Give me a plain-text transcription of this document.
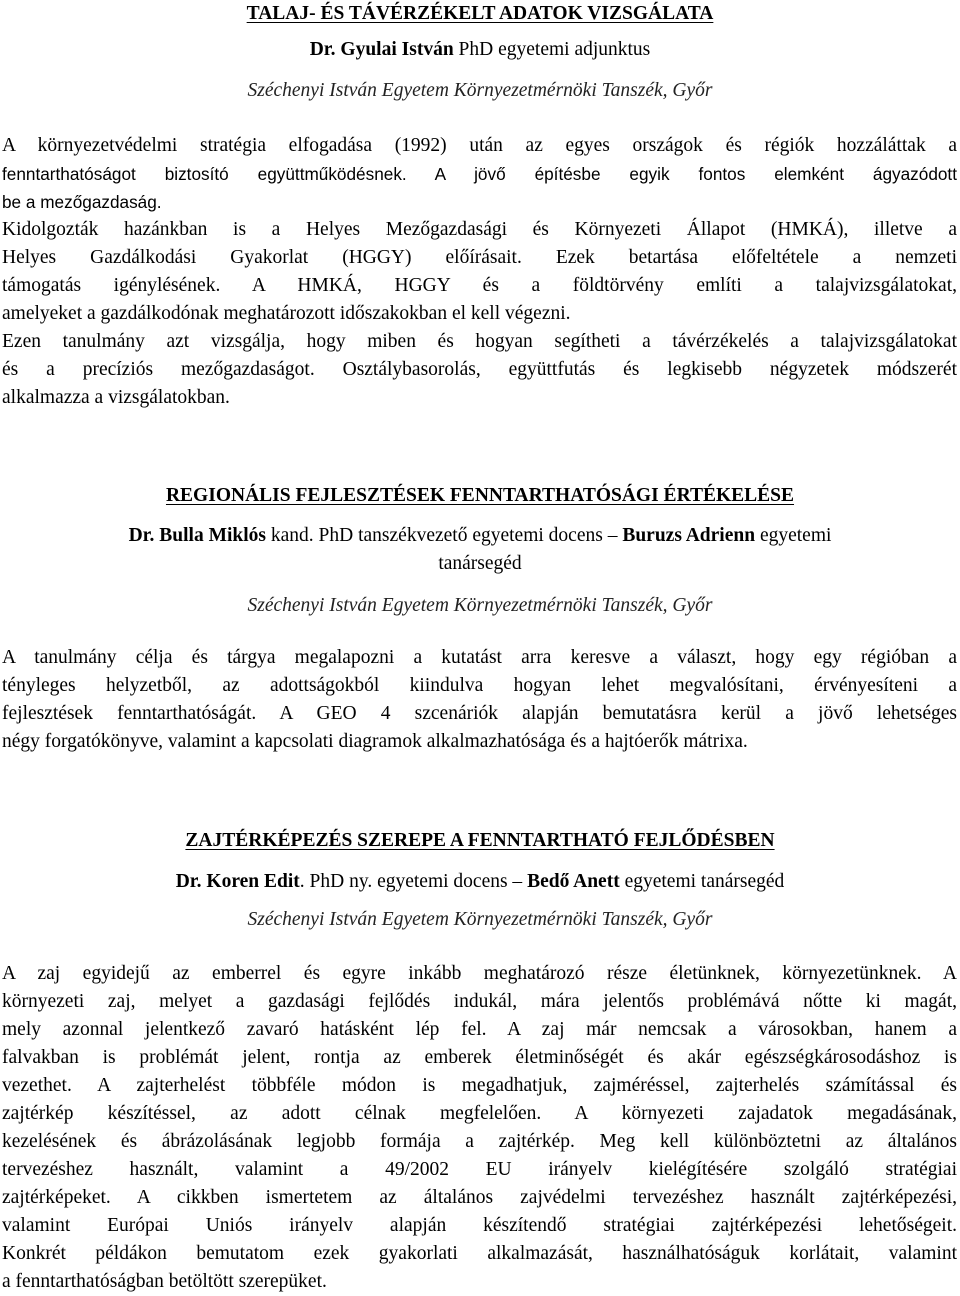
TALAJ- ÉS TÁVÉRZÉKELT ADATOK VIZSGÁLATA
Dr. Gyulai István PhD egyetemi adjunktus
Széchenyi István Egyetem Környezetmérnöki Tanszék, Győr
A környezetvédelmi stratégia elfogadása (1992) után az egyes országok és régiók hozzáláttak a
fenntarthatóságot biztosító együttműködésnek. A jövő építésbe egyik fontos elemként ágyazódott
be a mezőgazdaság.
Kidolgozták hazánkban is a Helyes Mezőgazdasági és Környezeti Állapot (HMKÁ), illetve a
Helyes Gazdálkodási Gyakorlat (HGGY) előírásait. Ezek betartása előfeltétele a nemzeti
támogatás igénylésének. A HMKÁ, HGGY és a földtörvény említi a talajvizsgálatokat,
amelyeket a gazdálkodónak meghatározott időszakokban el kell végezni.
Ezen tanulmány azt vizsgálja, hogy miben és hogyan segítheti a távérzékelés a talajvizsgálatokat
és a precíziós mezőgazdaságot. Osztálybasorolás, együttfutás és legkisebb négyzetek módszerét
alkalmazza a vizsgálatokban.
REGIONÁLIS FEJLESZTÉSEK FENNTARTHATÓSÁGI ÉRTÉKELÉSE
Dr. Bulla Miklós kand. PhD tanszékvezető egyetemi docens – Buruzs Adrienn egyetemi
tanársegéd
Széchenyi István Egyetem Környezetmérnöki Tanszék, Győr
A tanulmány célja és tárgya megalapozni a kutatást arra keresve a választ, hogy egy régióban a
tényleges helyzetből, az adottságokból kiindulva hogyan lehet megvalósítani, érvényesíteni a
fejlesztések fenntarthatóságát. A GEO 4 szcenáriók alapján bemutatásra kerül a jövő lehetséges
négy forgatókönyve, valamint a kapcsolati diagramok alkalmazhatósága és a hajtóerők mátrixa.
ZAJTÉRKÉPEZÉS SZEREPE A FENNTARTHATÓ FEJLŐDÉSBEN
Dr. Koren Edit. PhD ny. egyetemi docens – Bedő Anett egyetemi tanársegéd
Széchenyi István Egyetem Környezetmérnöki Tanszék, Győr
A zaj egyidejű az emberrel és egyre inkább meghatározó része életünknek, környezetünknek. A
környezeti zaj, melyet a gazdasági fejlődés indukál, mára jelentős problémává nőtte ki magát,
mely azonnal jelentkező zavaró hatásként lép fel. A zaj már nemcsak a városokban, hanem a
falvakban is problémát jelent, rontja az emberek életminőségét és akár egészségkárosodáshoz is
vezethet. A zajterhelést többféle módon is megadhatjuk, zajméréssel, zajterhelés számítással és
zajtérkép készítéssel, az adott célnak megfelelően. A környezeti zajadatok megadásának,
kezelésének és ábrázolásának legjobb formája a zajtérkép. Meg kell különböztetni az általános
tervezéshez használt, valamint a 49/2002 EU irányelv kielégítésére szolgáló stratégiai
zajtérképeket. A cikkben ismertetem az általános zajvédelmi tervezéshez használt zajtérképezési,
valamint Európai Uniós irányelv alapján készítendő stratégiai zajtérképezési lehetőségeit.
Konkrét példákon bemutatom ezek gyakorlati alkalmazását, használhatóságuk korlátait, valamint
a fenntarthatóságban betöltött szerepüket.
